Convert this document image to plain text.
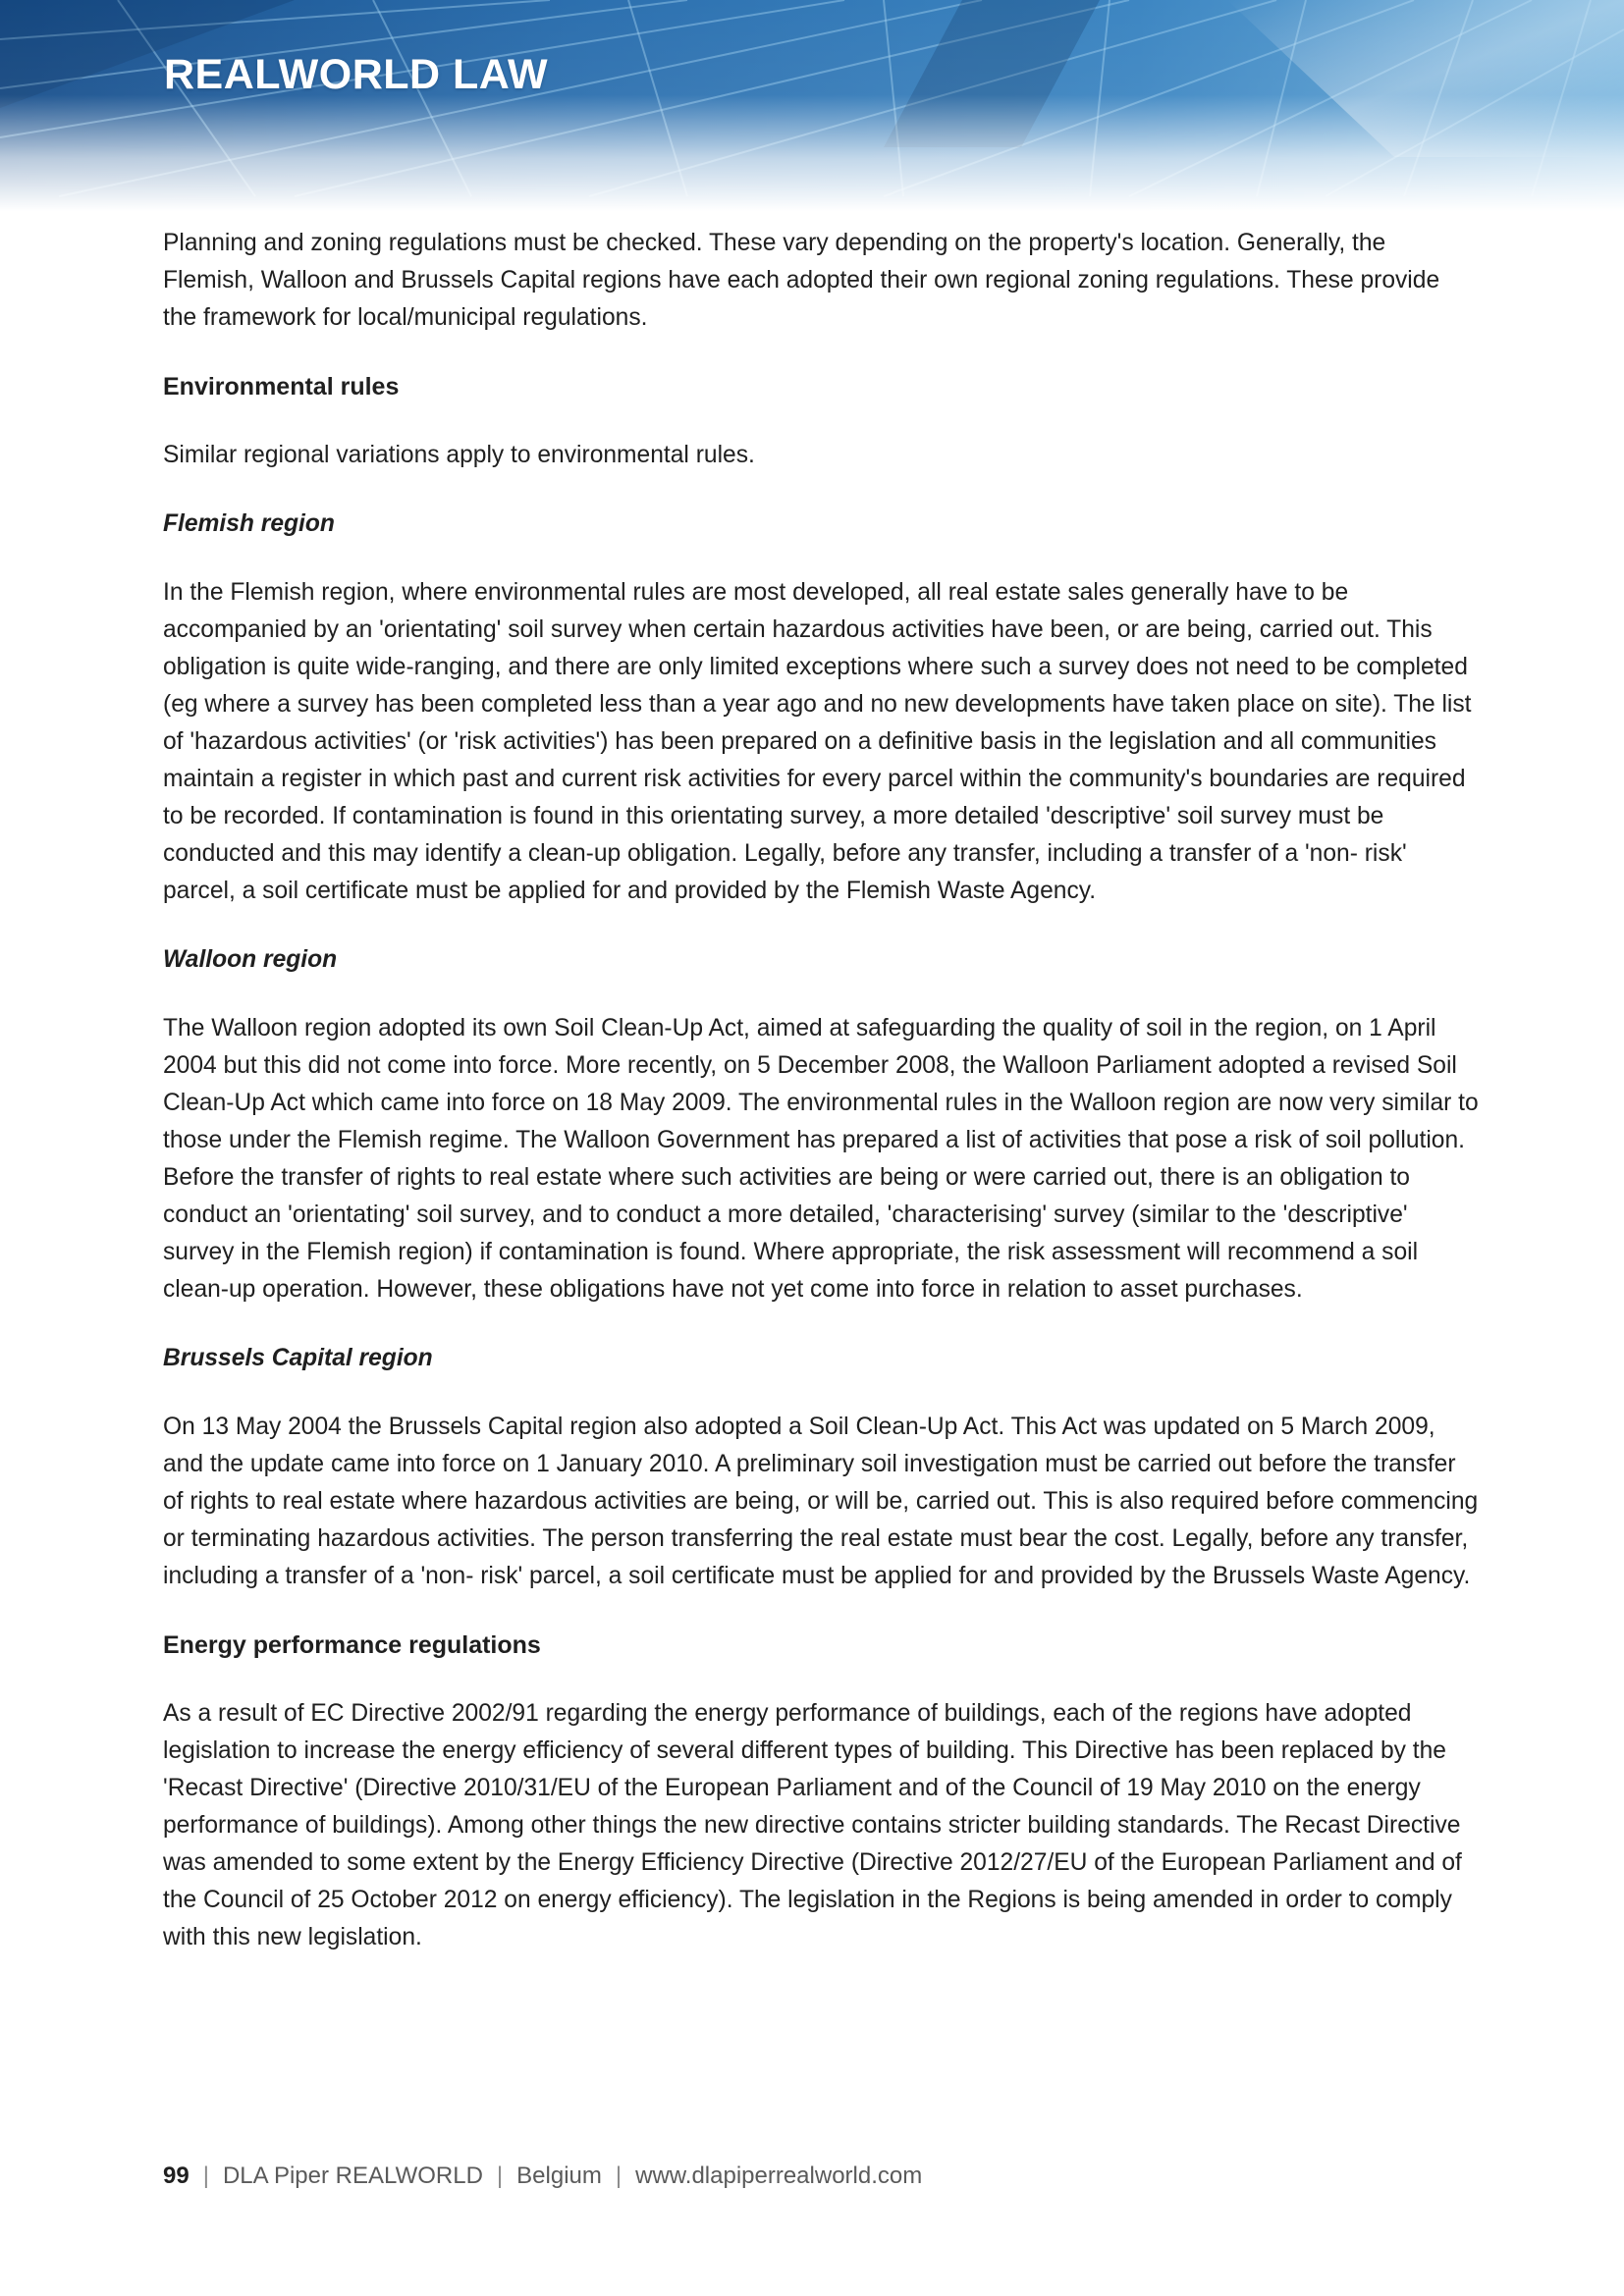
REALWORLD LAW

Planning and zoning regulations must be checked. These vary depending on the property's location. Generally, the Flemish, Walloon and Brussels Capital regions have each adopted their own regional zoning regulations. These provide the framework for local/municipal regulations.

Environmental rules

Similar regional variations apply to environmental rules.

Flemish region

In the Flemish region, where environmental rules are most developed, all real estate sales generally have to be accompanied by an 'orientating' soil survey when certain hazardous activities have been, or are being, carried out. This obligation is quite wide-ranging, and there are only limited exceptions where such a survey does not need to be completed (eg where a survey has been completed less than a year ago and no new developments have taken place on site). The list of 'hazardous activities' (or 'risk activities') has been prepared on a definitive basis in the legislation and all communities maintain a register in which past and current risk activities for every parcel within the community's boundaries are required to be recorded. If contamination is found in this orientating survey, a more detailed 'descriptive' soil survey must be conducted and this may identify a clean-up obligation. Legally, before any transfer, including a transfer of a 'non- risk' parcel, a soil certificate must be applied for and provided by the Flemish Waste Agency.

Walloon region

The Walloon region adopted its own Soil Clean-Up Act, aimed at safeguarding the quality of soil in the region, on 1 April 2004 but this did not come into force. More recently, on 5 December 2008, the Walloon Parliament adopted a revised Soil Clean-Up Act which came into force on 18 May 2009. The environmental rules in the Walloon region are now very similar to those under the Flemish regime. The Walloon Government has prepared a list of activities that pose a risk of soil pollution. Before the transfer of rights to real estate where such activities are being or were carried out, there is an obligation to conduct an 'orientating' soil survey, and to conduct a more detailed, 'characterising' survey (similar to the 'descriptive' survey in the Flemish region) if contamination is found. Where appropriate, the risk assessment will recommend a soil clean-up operation. However, these obligations have not yet come into force in relation to asset purchases.

Brussels Capital region

On 13 May 2004 the Brussels Capital region also adopted a Soil Clean-Up Act. This Act was updated on 5 March 2009, and the update came into force on 1 January 2010. A preliminary soil investigation must be carried out before the transfer of rights to real estate where hazardous activities are being, or will be, carried out. This is also required before commencing or terminating hazardous activities. The person transferring the real estate must bear the cost. Legally, before any transfer, including a transfer of a 'non- risk' parcel, a soil certificate must be applied for and provided by the Brussels Waste Agency.

Energy performance regulations

As a result of EC Directive 2002/91 regarding the energy performance of buildings, each of the regions have adopted legislation to increase the energy efficiency of several different types of building. This Directive has been replaced by the 'Recast Directive' (Directive 2010/31/EU of the European Parliament and of the Council of 19 May 2010 on the energy performance of buildings). Among other things the new directive contains stricter building standards. The Recast Directive was amended to some extent by the Energy Efficiency Directive (Directive 2012/27/EU of the European Parliament and of the Council of 25 October 2012 on energy efficiency). The legislation in the Regions is being amended in order to comply with this new legislation.

99 | DLA Piper REALWORLD | Belgium | www.dlapiperrealworld.com
